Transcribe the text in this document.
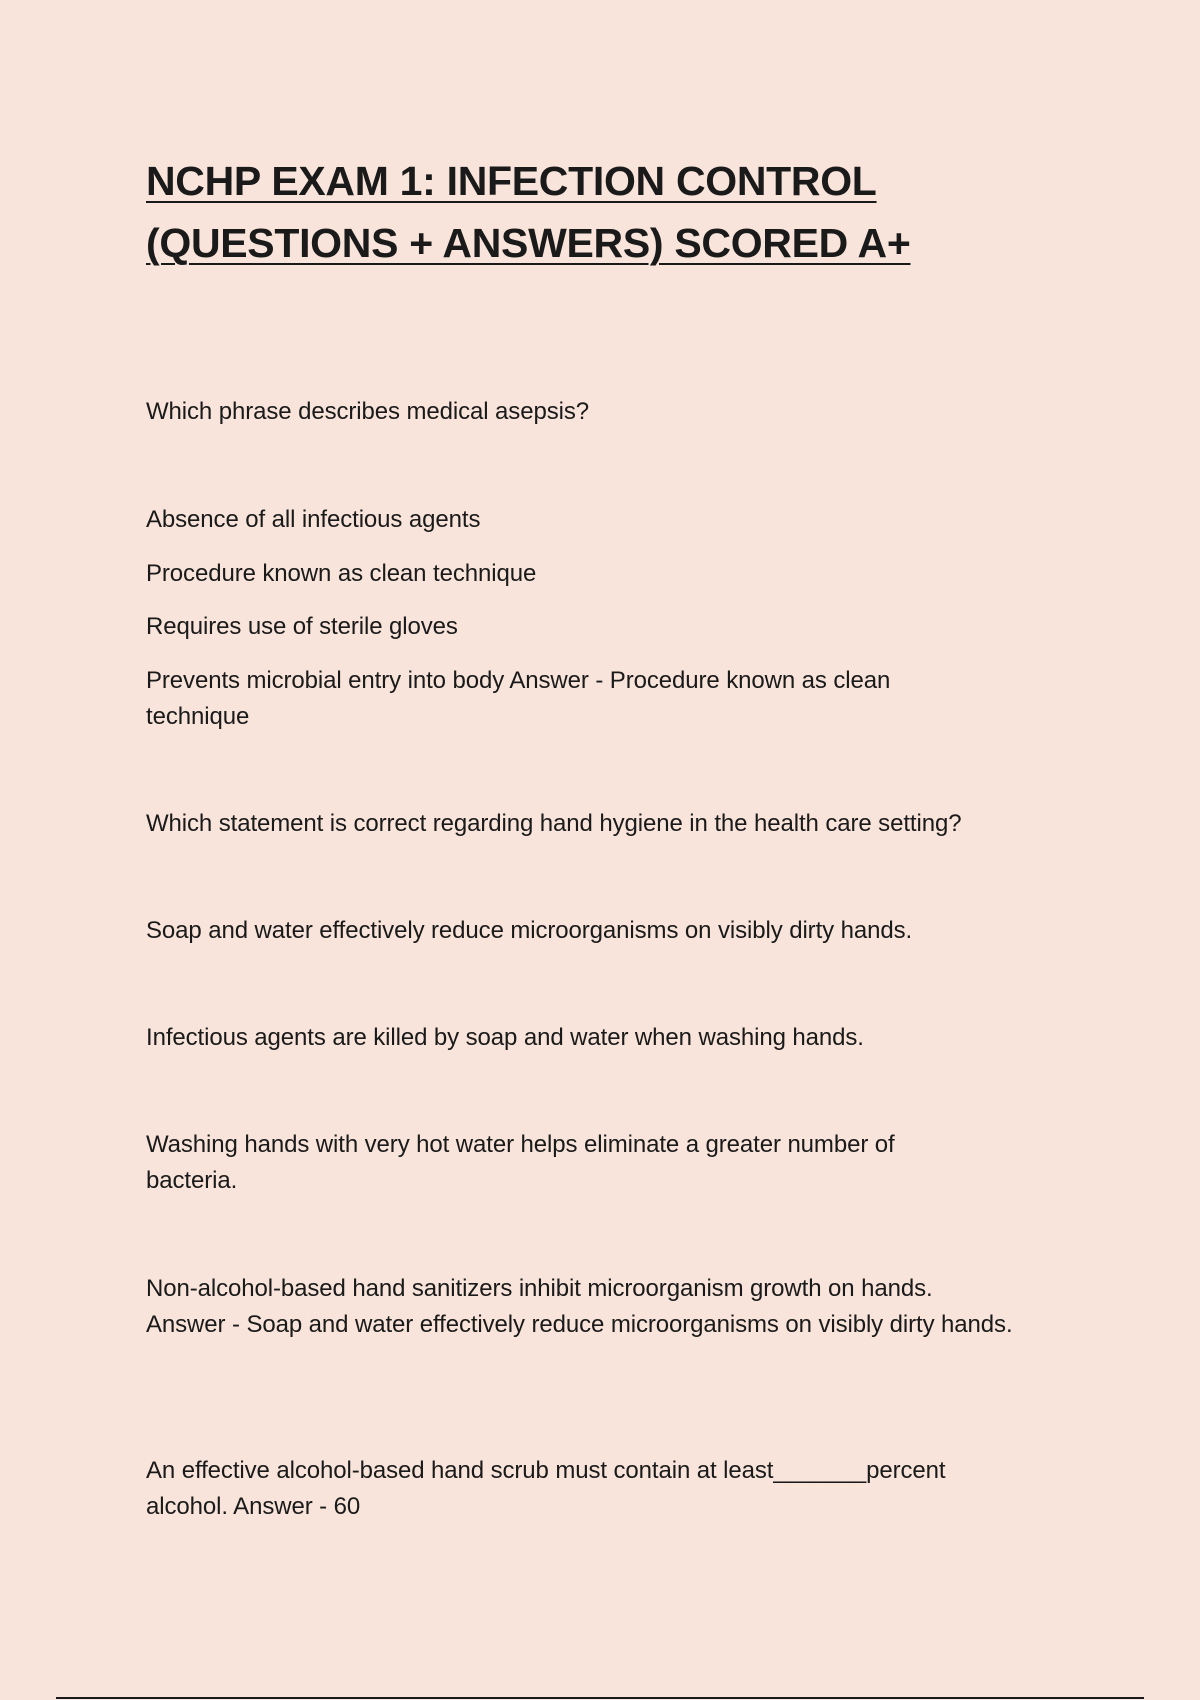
NCHP EXAM 1: INFECTION CONTROL
(QUESTIONS + ANSWERS) SCORED A+

Which phrase describes medical asepsis?

Absence of all infectious agents

Procedure known as clean technique

Requires use of sterile gloves

Prevents microbial entry into body Answer - Procedure known as clean technique

Which statement is correct regarding hand hygiene in the health care setting?

Soap and water effectively reduce microorganisms on visibly dirty hands.

Infectious agents are killed by soap and water when washing hands.

Washing hands with very hot water helps eliminate a greater number of bacteria.

Non-alcohol-based hand sanitizers inhibit microorganism growth on hands. Answer - Soap and water effectively reduce microorganisms on visibly dirty hands.

An effective alcohol-based hand scrub must contain at least_______percent alcohol. Answer - 60
